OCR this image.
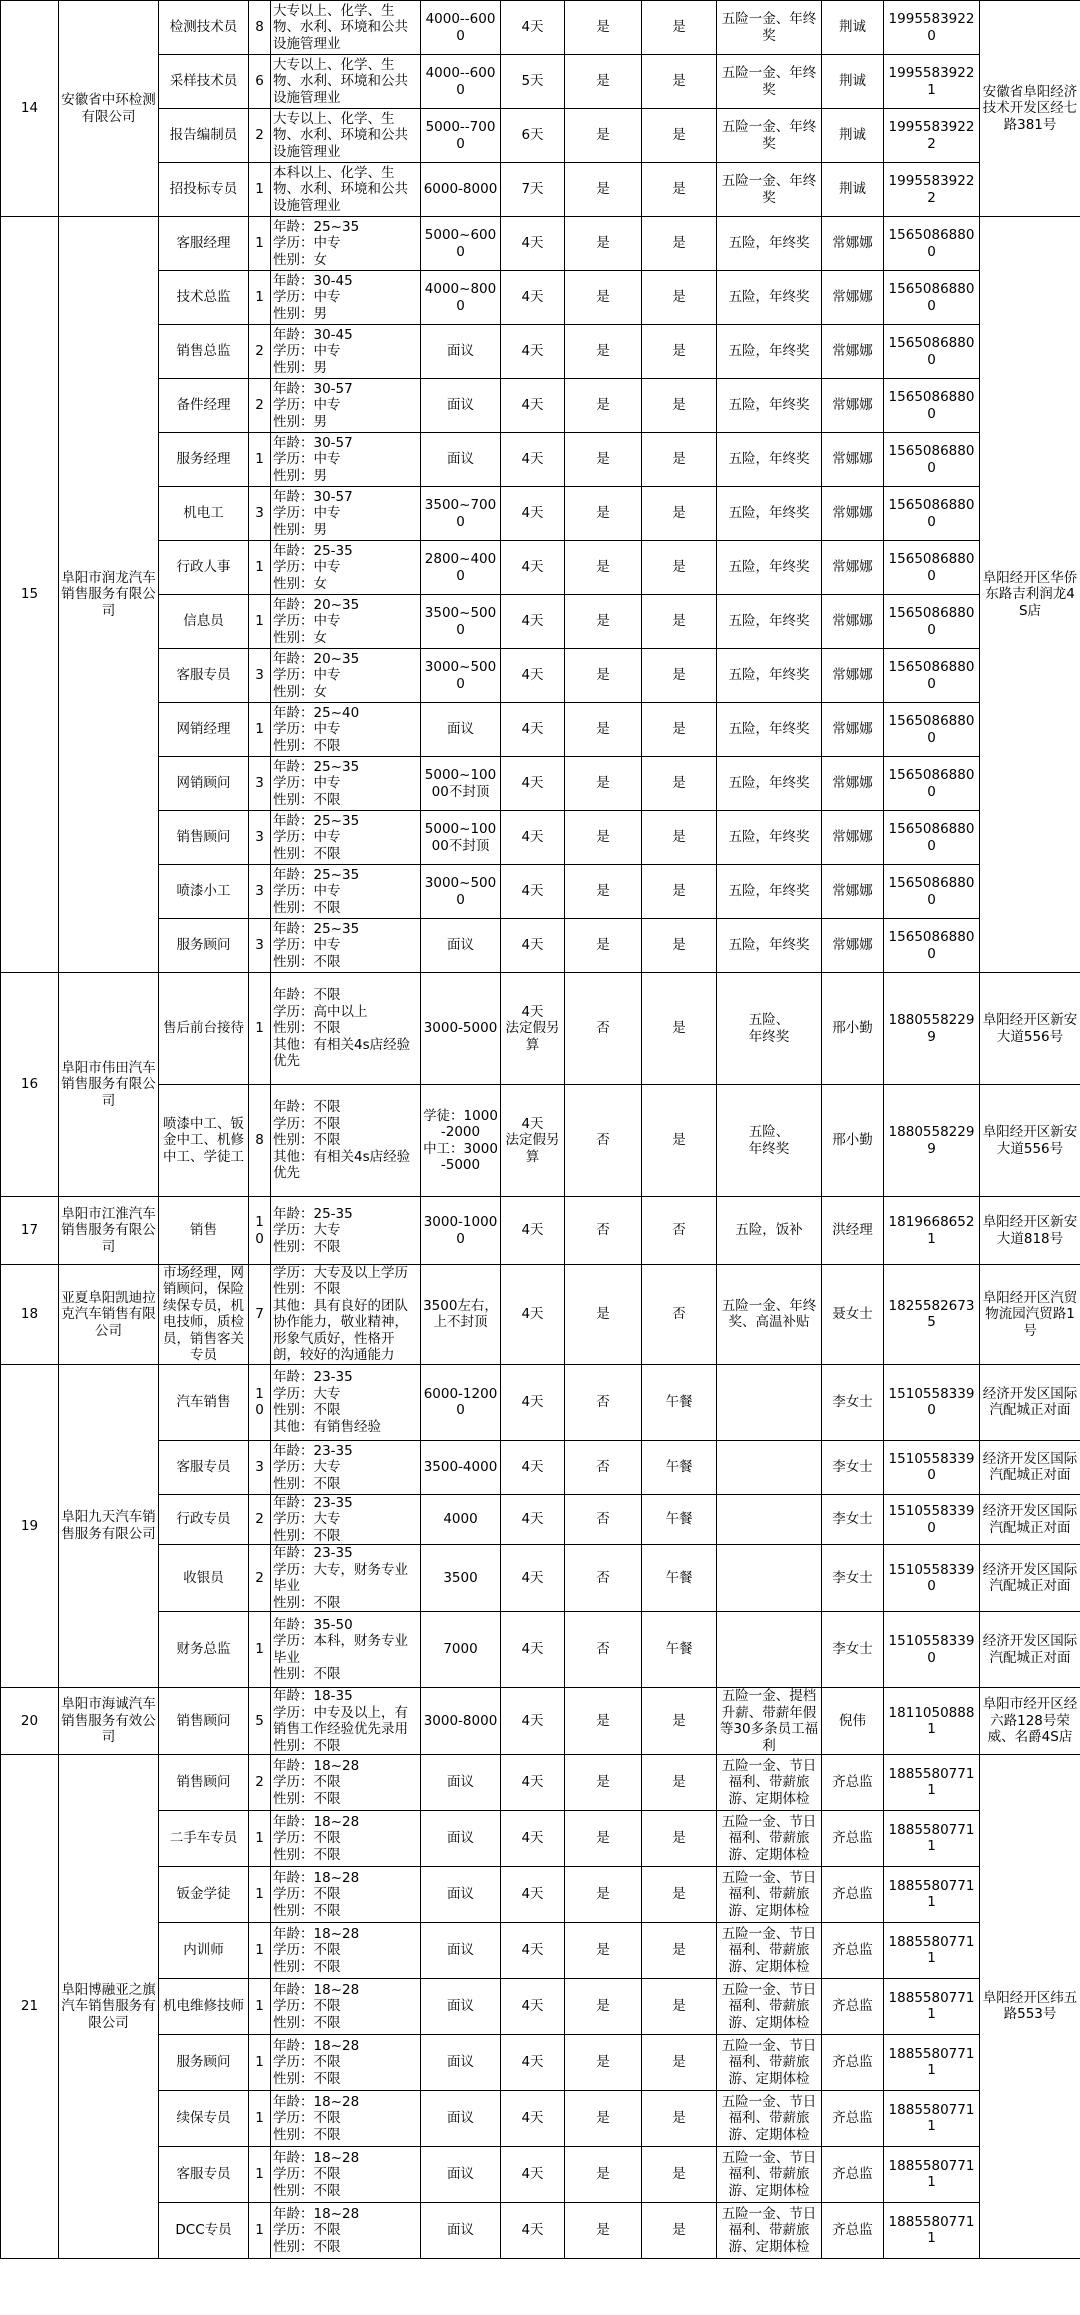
14	安徽省中环检测有限公司	检测技术员	8	大专以上、化学、生物、水利、环境和公共设施管理业	4000--6000	4天	是	是	五险一金、年终奖	荆诚	19955839220	安徽省阜阳经济技术开发区经七路381号
		采样技术员	6	大专以上、化学、生物、水利、环境和公共设施管理业	4000--6000	5天	是	是	五险一金、年终奖	荆诚	19955839221	
		报告编制员	2	大专以上、化学、生物、水利、环境和公共设施管理业	5000--7000	6天	是	是	五险一金、年终奖	荆诚	19955839222	
		招投标专员	1	本科以上、化学、生物、水利、环境和公共设施管理业	6000-8000	7天	是	是	五险一金、年终奖	荆诚	19955839222	
15	阜阳市润龙汽车销售服务有限公司	客服经理	1	年龄：25~35
学历：中专
性别：女	5000~6000	4天	是	是	五险，年终奖	常娜娜	15650868800	阜阳经开区华侨东路吉利润龙4S店
		技术总监	1	年龄：30-45
学历：中专
性别：男	4000~8000	4天	是	是	五险，年终奖	常娜娜	15650868800	
		销售总监	2	年龄：30-45
学历：中专
性别：男	面议	4天	是	是	五险，年终奖	常娜娜	15650868800	
		备件经理	2	年龄：30-57
学历：中专
性别：男	面议	4天	是	是	五险，年终奖	常娜娜	15650868800	
		服务经理	1	年龄：30-57
学历：中专
性别：男	面议	4天	是	是	五险，年终奖	常娜娜	15650868800	
		机电工	3	年龄：30-57
学历：中专
性别：男	3500~7000	4天	是	是	五险，年终奖	常娜娜	15650868800	
		行政人事	1	年龄：25-35
学历：中专
性别：女	2800~4000	4天	是	是	五险，年终奖	常娜娜	15650868800	
		信息员	1	年龄：20~35
学历：中专
性别：女	3500~5000	4天	是	是	五险，年终奖	常娜娜	15650868800	
		客服专员	3	年龄：20~35
学历：中专
性别：女	3000~5000	4天	是	是	五险，年终奖	常娜娜	15650868800	
		网销经理	1	年龄：25~40
学历：中专
性别：不限	面议	4天	是	是	五险，年终奖	常娜娜	15650868800	
		网销顾问	3	年龄：25~35
学历：中专
性别：不限	5000~10000不封顶	4天	是	是	五险，年终奖	常娜娜	15650868800	
		销售顾问	3	年龄：25~35
学历：中专
性别：不限	5000~10000不封顶	4天	是	是	五险，年终奖	常娜娜	15650868800	
		喷漆小工	3	年龄：25~35
学历：中专
性别：不限	3000~5000	4天	是	是	五险，年终奖	常娜娜	15650868800	
		服务顾问	3	年龄：25~35
学历：中专
性别：不限	面议	4天	是	是	五险，年终奖	常娜娜	15650868800	
16	阜阳市伟田汽车销售服务有限公司	售后前台接待	1	年龄：不限
学历：高中以上
性别：不限
其他：有相关4s店经验优先	3000-5000	4天
法定假另算	否	是	五险、
年终奖	邢小勤	18805582299	阜阳经开区新安大道556号
		喷漆中工、钣金中工、机修中工、学徒工	8	年龄：不限
学历：不限
性别：不限
其他：有相关4s店经验优先	学徒：1000-2000
中工：3000-5000	4天
法定假另算	否	是	五险、
年终奖	邢小勤	18805582299	阜阳经开区新安大道556号
17	阜阳市江淮汽车销售服务有限公司	销售	10	年龄：25-35
学历：大专
性别：不限	3000-10000	4天	否	否	五险，饭补	洪经理	18196686521	阜阳经开区新安大道818号
18	亚夏阜阳凯迪拉克汽车销售有限公司	市场经理，网销顾问，保险续保专员，机电技师，质检员，销售客关专员	7	学历：大专及以上学历
性别：不限
其他：具有良好的团队协作能力，敬业精神，形象气质好，性格开朗，较好的沟通能力	3500左右，上不封顶	4天	是	否	五险一金、年终奖、高温补贴	聂女士	18255826735	阜阳经开区汽贸物流园汽贸路1号
19	阜阳九天汽车销售服务有限公司	汽车销售	10	年龄：23-35
学历：大专
性别：不限
其他：有销售经验	6000-12000	4天	否	午餐		李女士	15105583390	经济开发区国际汽配城正对面
		客服专员	3	年龄：23-35
学历：大专
性别：不限	3500-4000	4天	否	午餐		李女士	15105583390	经济开发区国际汽配城正对面
		行政专员	2	年龄：23-35
学历：大专
性别：不限	4000	4天	否	午餐		李女士	15105583390	经济开发区国际汽配城正对面
		收银员	2	年龄：23-35
学历：大专，财务专业毕业
性别：不限	3500	4天	否	午餐		李女士	15105583390	经济开发区国际汽配城正对面
		财务总监	1	年龄：35-50
学历：本科，财务专业毕业
性别：不限	7000	4天	否	午餐		李女士	15105583390	经济开发区国际汽配城正对面
20	阜阳市海诚汽车销售服务有效公司	销售顾问	5	年龄：18-35
学历：中专及以上，有销售工作经验优先录用
性别：不限	3000-8000	4天	是	是	五险一金、提档升薪、带薪年假等30多条员工福利	倪伟	18110508881	阜阳市经开区经六路128号荣威、名爵4S店
21	阜阳博融亚之旗汽车销售服务有限公司	销售顾问	2	年龄：18~28
学历：不限
性别：不限	面议	4天	是	是	五险一金、节日福利、带薪旅游、定期体检	齐总监	18855807711	阜阳经开区纬五路553号
		二手车专员	1	年龄：18~28
学历：不限
性别：不限	面议	4天	是	是	五险一金、节日福利、带薪旅游、定期体检	齐总监	18855807711	
		钣金学徒	1	年龄：18~28
学历：不限
性别：不限	面议	4天	是	是	五险一金、节日福利、带薪旅游、定期体检	齐总监	18855807711	
		内训师	1	年龄：18~28
学历：不限
性别：不限	面议	4天	是	是	五险一金、节日福利、带薪旅游、定期体检	齐总监	18855807711	
		机电维修技师	1	年龄：18~28
学历：不限
性别：不限	面议	4天	是	是	五险一金、节日福利、带薪旅游、定期体检	齐总监	18855807711	
		服务顾问	1	年龄：18~28
学历：不限
性别：不限	面议	4天	是	是	五险一金、节日福利、带薪旅游、定期体检	齐总监	18855807711	
		续保专员	1	年龄：18~28
学历：不限
性别：不限	面议	4天	是	是	五险一金、节日福利、带薪旅游、定期体检	齐总监	18855807711	
		客服专员	1	年龄：18~28
学历：不限
性别：不限	面议	4天	是	是	五险一金、节日福利、带薪旅游、定期体检	齐总监	18855807711	
		DCC专员	1	年龄：18~28
学历：不限
性别：不限	面议	4天	是	是	五险一金、节日福利、带薪旅游、定期体检	齐总监	18855807711	
